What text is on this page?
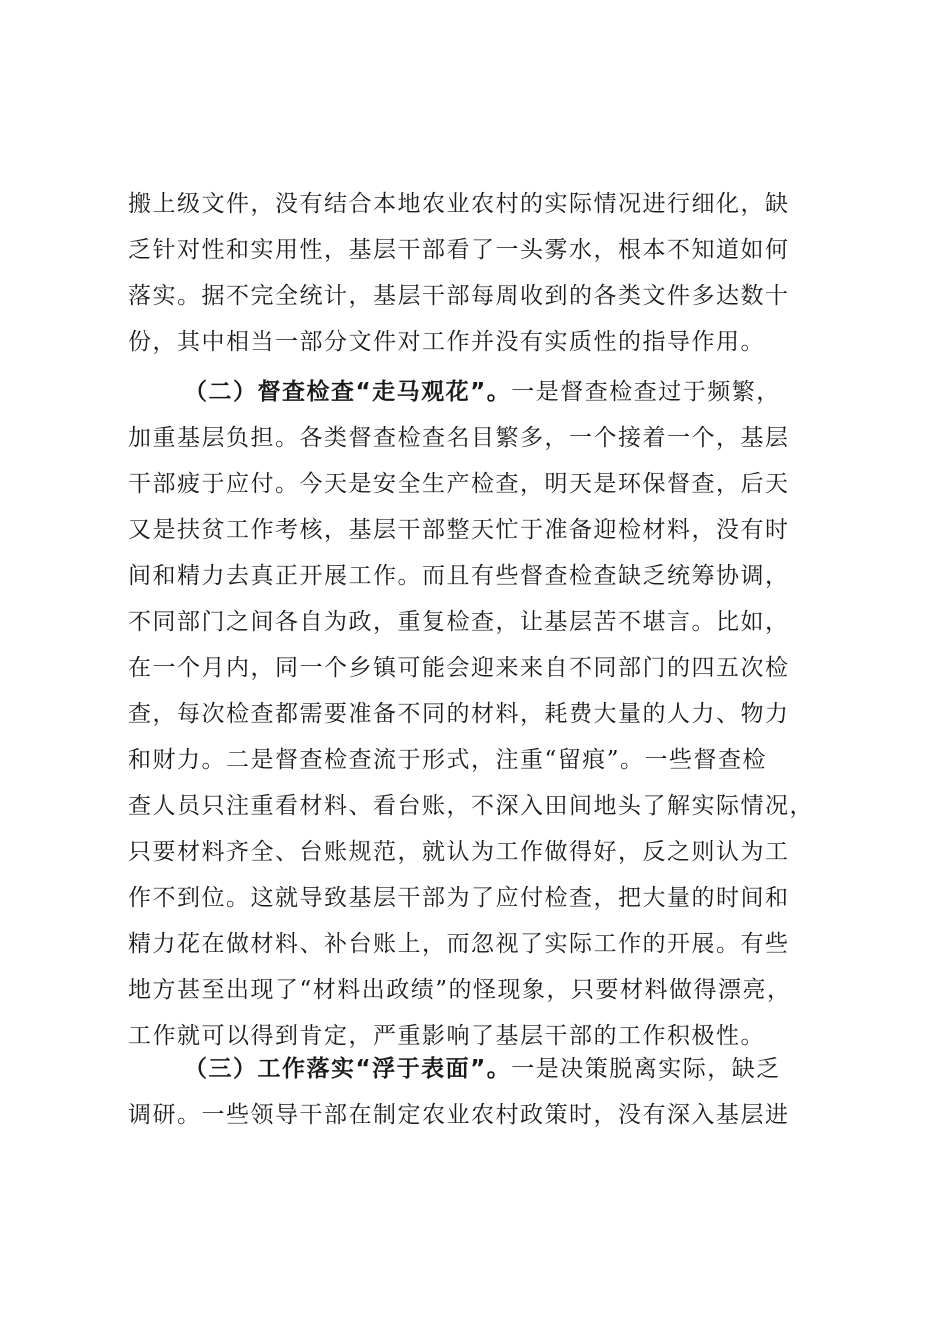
搬上级文件，没有结合本地农业农村的实际情况进行细化，缺
乏针对性和实用性，基层干部看了一头雾水，根本不知道如何
落实。据不完全统计，基层干部每周收到的各类文件多达数十
份，其中相当一部分文件对工作并没有实质性的指导作用。
（二）督查检查“走马观花”。一是督查检查过于频繁，
加重基层负担。各类督查检查名目繁多，一个接着一个，基层
干部疲于应付。今天是安全生产检查，明天是环保督查，后天
又是扶贫工作考核，基层干部整天忙于准备迎检材料，没有时
间和精力去真正开展工作。而且有些督查检查缺乏统筹协调，
不同部门之间各自为政，重复检查，让基层苦不堪言。比如，
在一个月内，同一个乡镇可能会迎来来自不同部门的四五次检
查，每次检查都需要准备不同的材料，耗费大量的人力、物力
和财力。二是督查检查流于形式，注重“留痕”。一些督查检
查人员只注重看材料、看台账，不深入田间地头了解实际情况，
只要材料齐全、台账规范，就认为工作做得好，反之则认为工
作不到位。这就导致基层干部为了应付检查，把大量的时间和
精力花在做材料、补台账上，而忽视了实际工作的开展。有些
地方甚至出现了“材料出政绩”的怪现象，只要材料做得漂亮，
工作就可以得到肯定，严重影响了基层干部的工作积极性。
（三）工作落实“浮于表面”。一是决策脱离实际，缺乏
调研。一些领导干部在制定农业农村政策时，没有深入基层进
